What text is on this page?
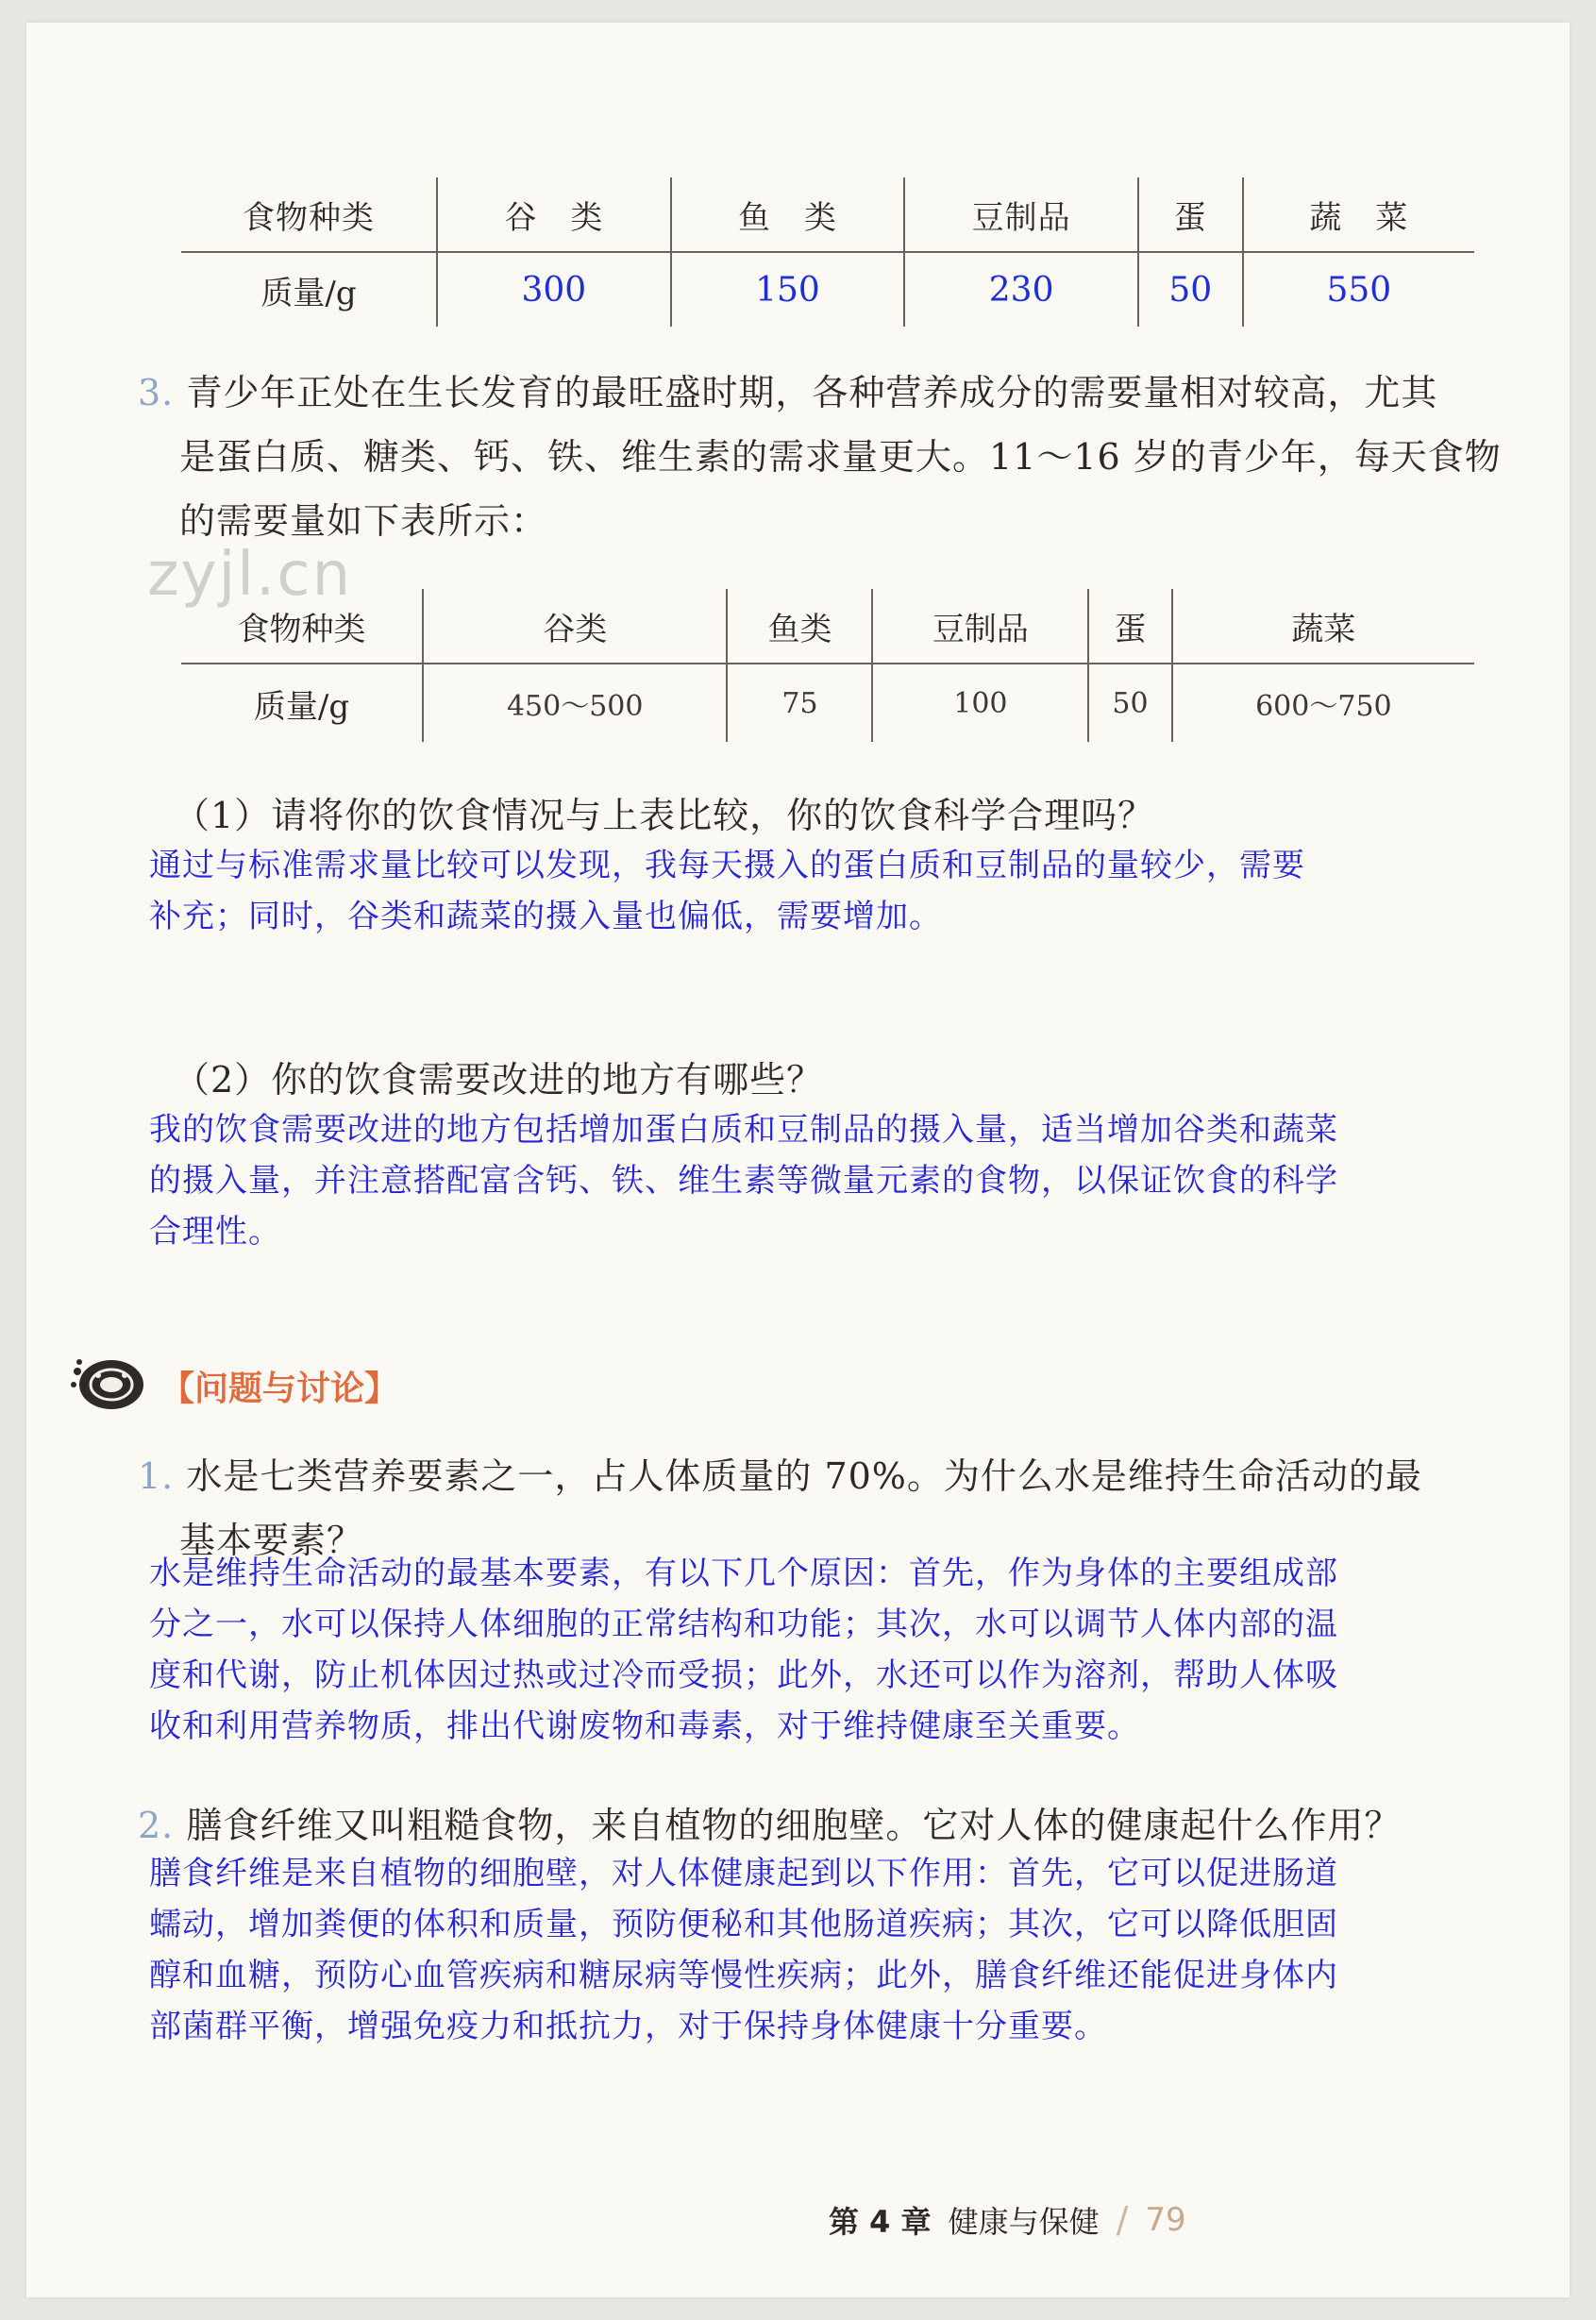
食物种类	谷　类	鱼　类	豆制品	蛋	蔬　菜
质量/g	300	150	230	50	550
3. 青少年正处在生长发育的最旺盛时期，各种营养成分的需要量相对较高，尤其
是蛋白质、糖类、钙、铁、维生素的需求量更大。11～16 岁的青少年，每天食物
的需要量如下表所示：
zyjl.cn
食物种类	谷类	鱼类	豆制品	蛋	蔬菜
质量/g	450～500	75	100	50	600～750
（1）请将你的饮食情况与上表比较，你的饮食科学合理吗？
通过与标准需求量比较可以发现，我每天摄入的蛋白质和豆制品的量较少，需要
补充；同时，谷类和蔬菜的摄入量也偏低，需要增加。
（2）你的饮食需要改进的地方有哪些？
我的饮食需要改进的地方包括增加蛋白质和豆制品的摄入量，适当增加谷类和蔬菜
的摄入量，并注意搭配富含钙、铁、维生素等微量元素的食物，以保证饮食的科学
合理性。
【问题与讨论】
1. 水是七类营养要素之一，占人体质量的 70%。为什么水是维持生命活动的最
基本要素？
水是维持生命活动的最基本要素，有以下几个原因：首先，作为身体的主要组成部
分之一，水可以保持人体细胞的正常结构和功能；其次，水可以调节人体内部的温
度和代谢，防止机体因过热或过冷而受损；此外，水还可以作为溶剂，帮助人体吸
收和利用营养物质，排出代谢废物和毒素，对于维持健康至关重要。
2. 膳食纤维又叫粗糙食物，来自植物的细胞壁。它对人体的健康起什么作用？
膳食纤维是来自植物的细胞壁，对人体健康起到以下作用：首先，它可以促进肠道
蠕动，增加粪便的体积和质量，预防便秘和其他肠道疾病；其次，它可以降低胆固
醇和血糖，预防心血管疾病和糖尿病等慢性疾病；此外，膳食纤维还能促进身体内
部菌群平衡，增强免疫力和抵抗力，对于保持身体健康十分重要。
第 4 章 健康与保健 / 79
